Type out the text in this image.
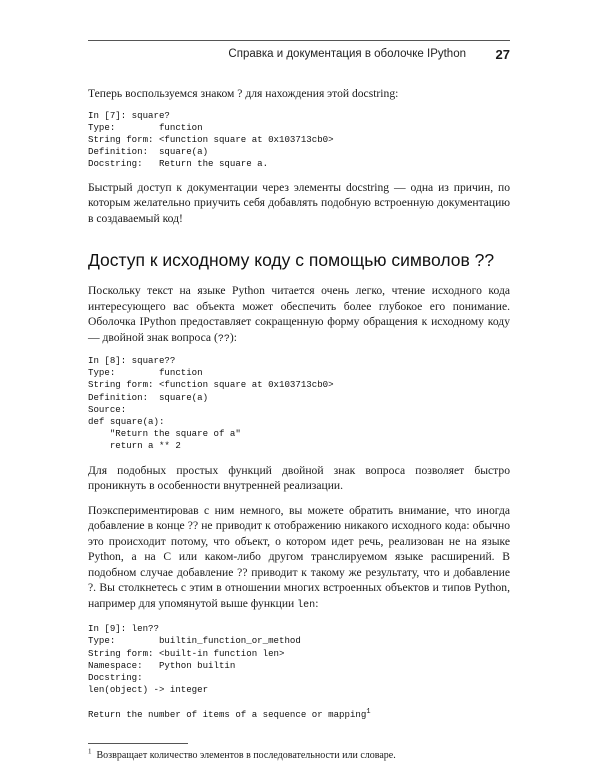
Справка и документация в оболочке IPython 27

Теперь воспользуемся знаком ? для нахождения этой docstring:

In [7]: square?
Type:        function
String form: <function square at 0x103713cb0>
Definition:  square(a)
Docstring:   Return the square a.

Быстрый доступ к документации через элементы docstring — одна из причин, по которым желательно приучить себя добавлять подобную встроенную документацию в создаваемый код!

Доступ к исходному коду с помощью символов ??

Поскольку текст на языке Python читается очень легко, чтение исходного кода интересующего вас объекта может обеспечить более глубокое его понимание. Оболочка IPython предоставляет сокращенную форму обращения к исходному коду — двойной знак вопроса (??):

In [8]: square??
Type:        function
String form: <function square at 0x103713cb0>
Definition:  square(a)
Source:
def square(a):
"Return the square of a"
return a ** 2

Для подобных простых функций двойной знак вопроса позволяет быстро проникнуть в особенности внутренней реализации.

Поэкспериментировав с ним немного, вы можете обратить внимание, что иногда добавление в конце ?? не приводит к отображению никакого исходного кода: обычно это происходит потому, что объект, о котором идет речь, реализован не на языке Python, а на C или каком-либо другом транслируемом языке расширений. В подобном случае добавление ?? приводит к такому же результату, что и добавление ?. Вы столкнетесь с этим в отношении многих встроенных объектов и типов Python, например для упомянутой выше функции len:

In [9]: len??
Type:        builtin_function_or_method
String form: <built-in function len>
Namespace:   Python builtin
Docstring:
len(object) -> integer

Return the number of items of a sequence or mapping$^1$

$^1$ Возвращает количество элементов в последовательности или словаре.
